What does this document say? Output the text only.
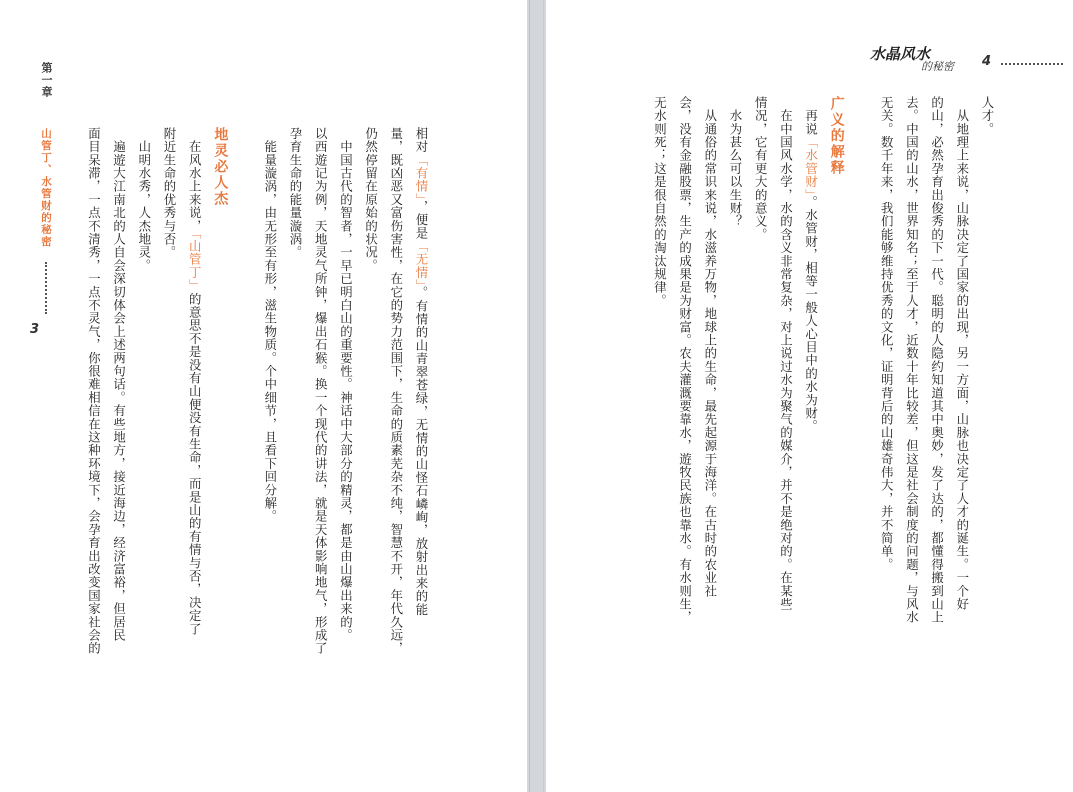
第一章
山管丁、水管财的秘密
3
相对「有情」，便是「无情」。有情的山青翠苍绿，无情的山怪石嶙峋，放射出来的能
量，既凶恶又富伤害性，在它的势力范围下，生命的质素芜杂不纯，智慧不开，年代久远，
仍然停留在原始的状况。
　中国古代的智者，一早已明白山的重要性。神话中大部分的精灵，都是由山爆出来的。
以西遊记为例，天地灵气所钟，爆出石猴。换一个现代的讲法，就是天体影响地气，形成了
孕育生命的能量漩涡。
　能量漩涡，由无形至有形，滋生物质。个中细节，且看下回分解。
地灵必人杰
　在风水上来说，「山管丁」的意思不是没有山便没有生命，而是山的有情与否，决定了
附近生命的优秀与否。
　山明水秀，人杰地灵。
　遍遊大江南北的人自会深切体会上述两句话。有些地方，接近海边，经济富裕，但居民
面目呆滞，一点不清秀，一点不灵气，你很难相信在这种环境下，会孕育出改变国家社会的
水晶风水
的秘密 4
人才。
　从地理上来说，山脉决定了国家的出现，另一方面，山脉也决定了人才的诞生。一个好
的山，必然孕育出俊秀的下一代。聪明的人隐约知道其中奥妙，发了达的，都懂得搬到山上
去。中国的山水，世界知名；至于人才，近数十年比较差，但这是社会制度的问题，与风水
无关。数千年来，我们能够维持优秀的文化，证明背后的山雄奇伟大，并不简单。
广义的解释
　再说「水管财」。水管财，相等一般人心目中的水为财。
　在中国风水学，水的含义非常复杂，对上说过水为聚气的媒介，并不是绝对的。在某些
情况，它有更大的意义。
　水为甚么可以生财？
　从通俗的常识来说，水滋养万物，地球上的生命，最先起源于海洋。在古时的农业社
会，没有金融股票，生产的成果是为财富。农夫灌溉要靠水，遊牧民族也靠水。有水则生，
无水则死；这是很自然的淘汰规律。
